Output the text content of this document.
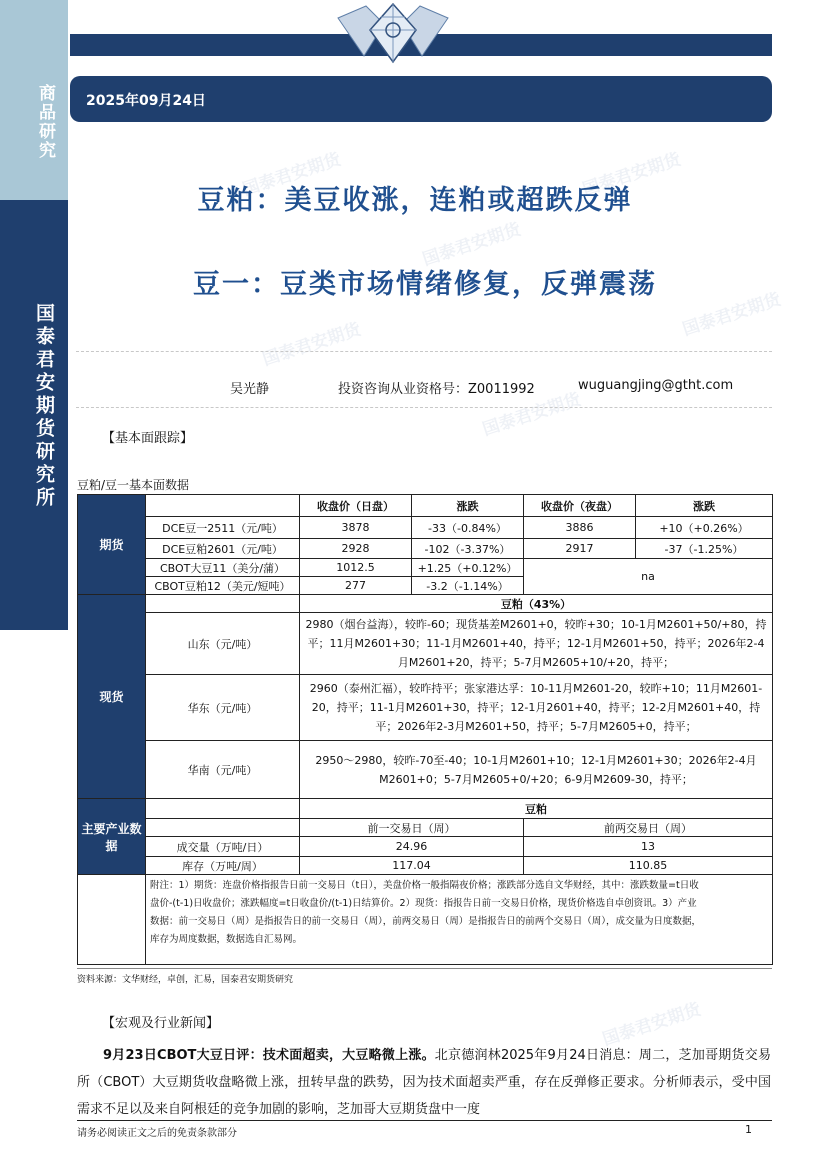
商品研究
国泰君安期货研究所
2025年09月24日
国泰君安期货	国泰君安期货
国泰君安期货
国泰君安期货
国泰君安期货
国泰君安期货
国泰君安期货
豆粕：美豆收涨，连粕或超跌反弹
豆一：豆类市场情绪修复，反弹震荡
吴光静	投资咨询从业资格号：Z0011992	wuguangjing@gtht.com
【基本面跟踪】
豆粕/豆一基本面数据
期货		收盘价（日盘）	涨跌	收盘价（夜盘）	涨跌
	DCE豆一2511（元/吨）	3878	-33（-0.84%）	3886	+10（+0.26%）
	DCE豆粕2601（元/吨）	2928	-102（-3.37%）	2917	-37（-1.25%）
	CBOT大豆11（美分/蒲）	1012.5	+1.25（+0.12%）	na	
	CBOT豆粕12（美元/短吨）	277	-3.2（-1.14%）		
现货		豆粕（43%）			
	山东（元/吨）	2980（烟台益海），较昨-60；现货基差M2601+0，较昨+30；10-1月M2601+50/+80，持平；11月M2601+30；11-1月M2601+40，持平；12-1月M2601+50，持平；2026年2-4月M2601+20，持平；5-7月M2605+10/+20，持平；			
	华东（元/吨）	2960（泰州汇福），较昨持平；张家港达孚：10-11月M2601-20，较昨+10；11月M2601-20，持平；11-1月M2601+30，持平；12-1月2601+40，持平；12-2月M2601+40，持平；2026年2-3月M2601+50，持平；5-7月M2605+0，持平；			
	华南（元/吨）	2950～2980，较昨-70至-40；10-1月M2601+10；12-1月M2601+30；2026年2-4月M2601+0；5-7月M2605+0/+20；6-9月M2609-30，持平；			
主要产业数据		豆粕			
		前一交易日（周）		前两交易日（周）	
	成交量（万吨/日）	24.96		13	
	库存（万吨/周）	117.04		110.85	
	附注：1）期货：连盘价格指报告日前一交易日（t日），美盘价格一般指隔夜价格；涨跌部分选自文华财经，其中：涨跌数量=t日收盘价-(t-1)日收盘价；涨跌幅度=t日收盘价/(t-1)日结算价。2）现货：指报告日前一交易日价格，现货价格选自卓创资讯。3）产业数据：前一交易日（周）是指报告日的前一交易日（周），前两交易日（周）是指报告日的前两个交易日（周），成交量为日度数据，库存为周度数据，数据选自汇易网。				
资料来源：文华财经，卓创，汇易，国泰君安期货研究
【宏观及行业新闻】
9月23日CBOT大豆日评：技术面超卖，大豆略微上涨。北京德润林2025年9月24日消息：周二，芝加哥期货交易所（CBOT）大豆期货收盘略微上涨，扭转早盘的跌势，因为技术面超卖严重，存在反弹修正要求。分析师表示，受中国需求不足以及来自阿根廷的竞争加剧的影响，芝加哥大豆期货盘中一度
请务必阅读正文之后的免责条款部分	1
